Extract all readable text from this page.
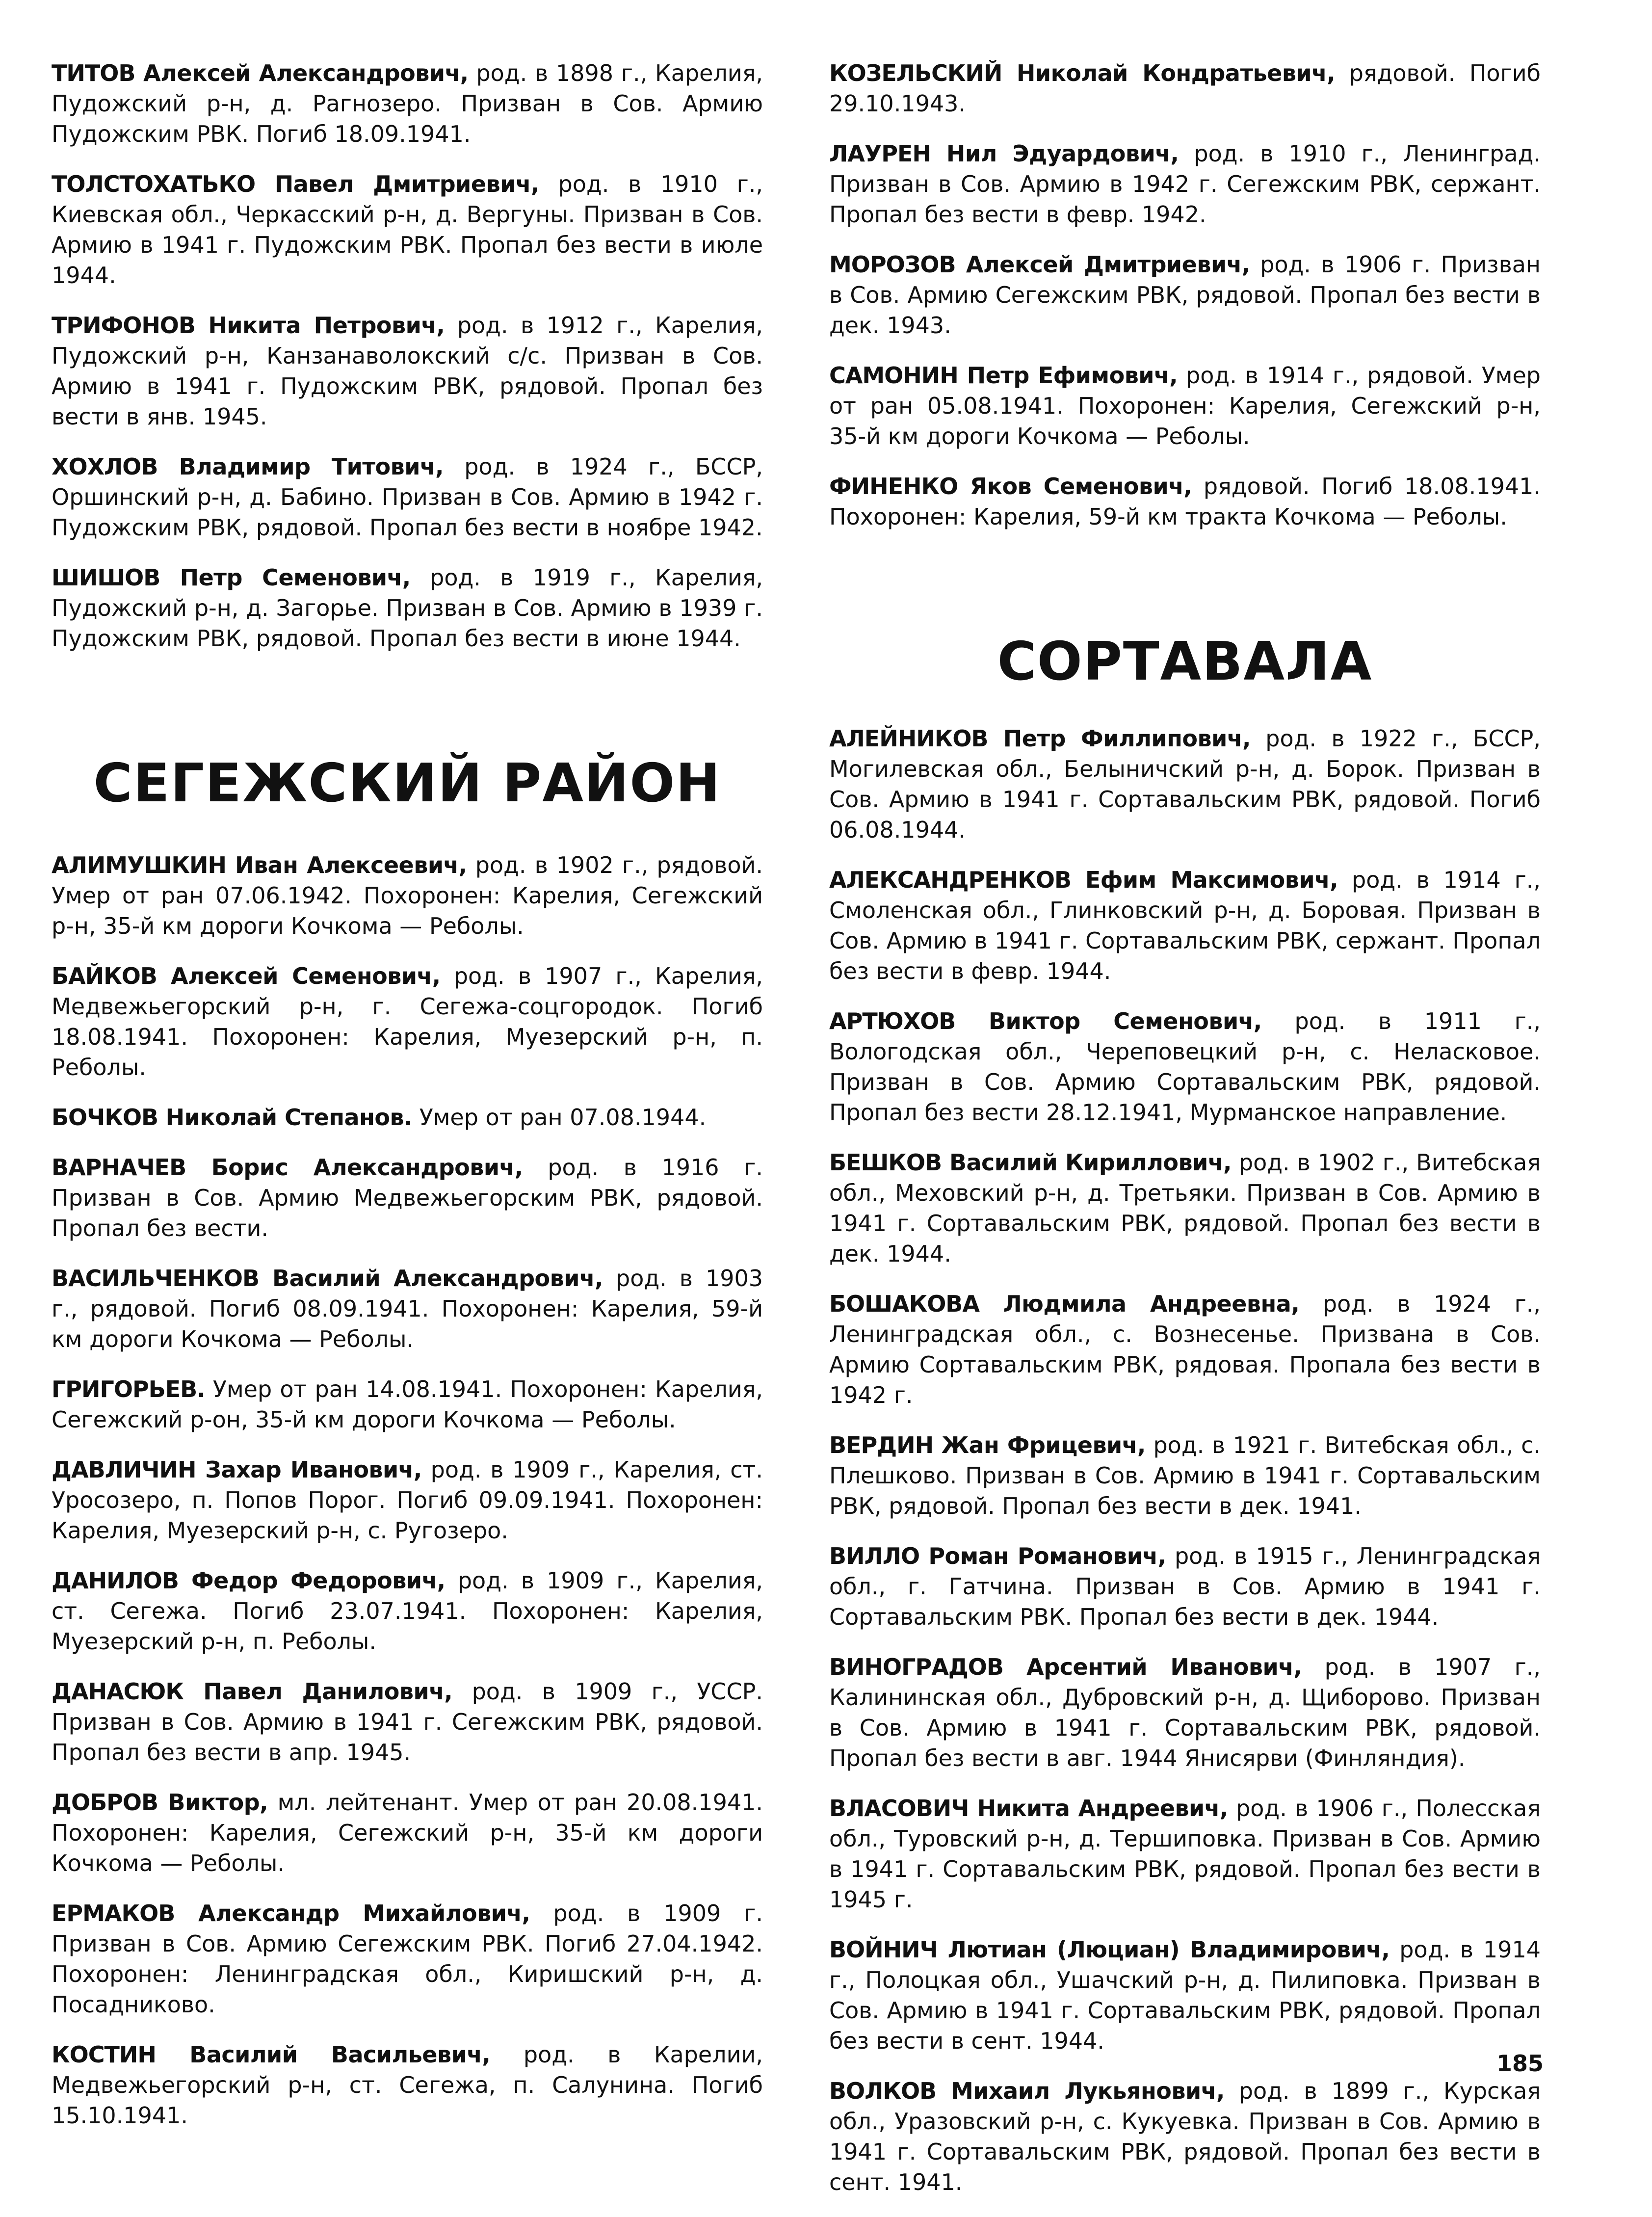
ТИТОВ Алексей Александрович, род. в 1898 г., Карелия, Пудожский р-н, д. Рагнозеро. Призван в Сов. Армию Пудожским РВК. Погиб 18.09.1941.

ТОЛСТОХАТЬКО Павел Дмитриевич, род. в 1910 г., Киевская обл., Черкасский р-н, д. Вергуны. Призван в Сов. Армию в 1941 г. Пудожским РВК. Пропал без вести в июле 1944.

ТРИФОНОВ Никита Петрович, род. в 1912 г., Карелия, Пудожский р-н, Канзанаволокский с/с. Призван в Сов. Армию в 1941 г. Пудожским РВК, рядовой. Пропал без вести в янв. 1945.

ХОХЛОВ Владимир Титович, род. в 1924 г., БССР, Оршинский р-н, д. Бабино. Призван в Сов. Армию в 1942 г. Пудожским РВК, рядовой. Пропал без вести в ноябре 1942.

ШИШОВ Петр Семенович, род. в 1919 г., Карелия, Пудожский р-н, д. Загорье. Призван в Сов. Армию в 1939 г. Пудожским РВК, рядовой. Пропал без вести в июне 1944.

СЕГЕЖСКИЙ РАЙОН

АЛИМУШКИН Иван Алексеевич, род. в 1902 г., рядовой. Умер от ран 07.06.1942. Похоронен: Карелия, Сегежский р-н, 35-й км дороги Кочкома — Реболы.

БАЙКОВ Алексей Семенович, род. в 1907 г., Карелия, Медвежьегорский р-н, г. Сегежа-соцгородок. Погиб 18.08.1941. Похоронен: Карелия, Муезерский р-н, п. Реболы.

БОЧКОВ Николай Степанов. Умер от ран 07.08.1944.

ВАРНАЧЕВ Борис Александрович, род. в 1916 г. Призван в Сов. Армию Медвежьегорским РВК, рядовой. Пропал без вести.

ВАСИЛЬЧЕНКОВ Василий Александрович, род. в 1903 г., рядовой. Погиб 08.09.1941. Похоронен: Карелия, 59-й км дороги Кочкома — Реболы.

ГРИГОРЬЕВ. Умер от ран 14.08.1941. Похоронен: Карелия, Сегежский р-он, 35-й км дороги Кочкома — Реболы.

ДАВЛИЧИН Захар Иванович, род. в 1909 г., Карелия, ст. Уросозеро, п. Попов Порог. Погиб 09.09.1941. Похоронен: Карелия, Муезерский р-н, с. Ругозеро.

ДАНИЛОВ Федор Федорович, род. в 1909 г., Карелия, ст. Сегежа. Погиб 23.07.1941. Похоронен: Карелия, Муезерский р-н, п. Реболы.

ДАНАСЮК Павел Данилович, род. в 1909 г., УССР. Призван в Сов. Армию в 1941 г. Сегежским РВК, рядовой. Пропал без вести в апр. 1945.

ДОБРОВ Виктор, мл. лейтенант. Умер от ран 20.08.1941. Похоронен: Карелия, Сегежский р-н, 35-й км дороги Кочкома — Реболы.

ЕРМАКОВ Александр Михайлович, род. в 1909 г. Призван в Сов. Армию Сегежским РВК. Погиб 27.04.1942. Похоронен: Ленинградская обл., Киришский р-н, д. Посадниково.

КОСТИН Василий Васильевич, род. в Карелии, Медвежьегорский р-н, ст. Сегежа, п. Салунина. Погиб 15.10.1941.

КОЗЕЛЬСКИЙ Николай Кондратьевич, рядовой. Погиб 29.10.1943.

ЛАУРЕН Нил Эдуардович, род. в 1910 г., Ленинград. Призван в Сов. Армию в 1942 г. Сегежским РВК, сержант. Пропал без вести в февр. 1942.

МОРОЗОВ Алексей Дмитриевич, род. в 1906 г. Призван в Сов. Армию Сегежским РВК, рядовой. Пропал без вести в дек. 1943.

САМОНИН Петр Ефимович, род. в 1914 г., рядовой. Умер от ран 05.08.1941. Похоронен: Карелия, Сегежский р-н, 35-й км дороги Кочкома — Реболы.

ФИНЕНКО Яков Семенович, рядовой. Погиб 18.08.1941. Похоронен: Карелия, 59-й км тракта Кочкома — Реболы.

СОРТАВАЛА

АЛЕЙНИКОВ Петр Филлипович, род. в 1922 г., БССР, Могилевская обл., Белыничский р-н, д. Борок. Призван в Сов. Армию в 1941 г. Сортавальским РВК, рядовой. Погиб 06.08.1944.

АЛЕКСАНДРЕНКОВ Ефим Максимович, род. в 1914 г., Смоленская обл., Глинковский р-н, д. Боровая. Призван в Сов. Армию в 1941 г. Сортавальским РВК, сержант. Пропал без вести в февр. 1944.

АРТЮХОВ Виктор Семенович, род. в 1911 г., Вологодская обл., Череповецкий р-н, с. Неласковое. Призван в Сов. Армию Сортавальским РВК, рядовой. Пропал без вести 28.12.1941, Мурманское направление.

БЕШКОВ Василий Кириллович, род. в 1902 г., Витебская обл., Меховский р-н, д. Третьяки. Призван в Сов. Армию в 1941 г. Сортавальским РВК, рядовой. Пропал без вести в дек. 1944.

БОШАКОВА Людмила Андреевна, род. в 1924 г., Ленинградская обл., с. Вознесенье. Призвана в Сов. Армию Сортавальским РВК, рядовая. Пропала без вести в 1942 г.

ВЕРДИН Жан Фрицевич, род. в 1921 г. Витебская обл., с. Плешково. Призван в Сов. Армию в 1941 г. Сортавальским РВК, рядовой. Пропал без вести в дек. 1941.

ВИЛЛО Роман Романович, род. в 1915 г., Ленинградская обл., г. Гатчина. Призван в Сов. Армию в 1941 г. Сортавальским РВК. Пропал без вести в дек. 1944.

ВИНОГРАДОВ Арсентий Иванович, род. в 1907 г., Калининская обл., Дубровский р-н, д. Щиборово. Призван в Сов. Армию в 1941 г. Сортавальским РВК, рядовой. Пропал без вести в авг. 1944 Янисярви (Финляндия).

ВЛАСОВИЧ Никита Андреевич, род. в 1906 г., Полесская обл., Туровский р-н, д. Тершиповка. Призван в Сов. Армию в 1941 г. Сортавальским РВК, рядовой. Пропал без вести в 1945 г.

ВОЙНИЧ Лютиан (Люциан) Владимирович, род. в 1914 г., Полоцкая обл., Ушачский р-н, д. Пилиповка. Призван в Сов. Армию в 1941 г. Сортавальским РВК, рядовой. Пропал без вести в сент. 1944.

ВОЛКОВ Михаил Лукьянович, род. в 1899 г., Курская обл., Уразовский р-н, с. Кукуевка. Призван в Сов. Армию в 1941 г. Сортавальским РВК, рядовой. Пропал без вести в сент. 1941.

185
